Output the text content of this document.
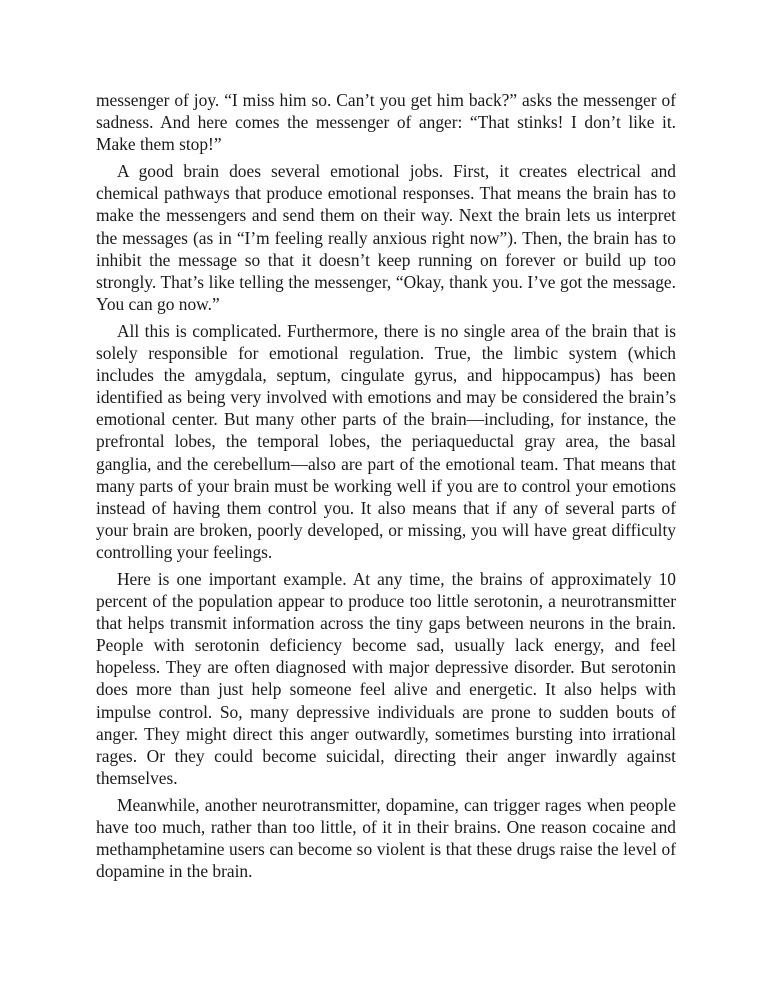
messenger of joy. “I miss him so. Can’t you get him back?” asks the messenger of sadness. And here comes the messenger of anger: “That stinks! I don’t like it. Make them stop!”

A good brain does several emotional jobs. First, it creates electrical and chemical pathways that produce emotional responses. That means the brain has to make the messengers and send them on their way. Next the brain lets us interpret the messages (as in “I’m feeling really anxious right now”). Then, the brain has to inhibit the message so that it doesn’t keep running on forever or build up too strongly. That’s like telling the messenger, “Okay, thank you. I’ve got the message. You can go now.”

All this is complicated. Furthermore, there is no single area of the brain that is solely responsible for emotional regulation. True, the limbic system (which includes the amygdala, septum, cingulate gyrus, and hippocampus) has been identified as being very involved with emotions and may be considered the brain’s emotional center. But many other parts of the brain—including, for instance, the prefrontal lobes, the temporal lobes, the periaqueductal gray area, the basal ganglia, and the cerebellum—also are part of the emotional team. That means that many parts of your brain must be working well if you are to control your emotions instead of having them control you. It also means that if any of several parts of your brain are broken, poorly developed, or missing, you will have great difficulty controlling your feelings.

Here is one important example. At any time, the brains of approximately 10 percent of the population appear to produce too little serotonin, a neurotransmitter that helps transmit information across the tiny gaps between neurons in the brain. People with serotonin deficiency become sad, usually lack energy, and feel hopeless. They are often diagnosed with major depressive disorder. But serotonin does more than just help someone feel alive and energetic. It also helps with impulse control. So, many depressive individuals are prone to sudden bouts of anger. They might direct this anger outwardly, sometimes bursting into irrational rages. Or they could become suicidal, directing their anger inwardly against themselves.

Meanwhile, another neurotransmitter, dopamine, can trigger rages when people have too much, rather than too little, of it in their brains. One reason cocaine and methamphetamine users can become so violent is that these drugs raise the level of dopamine in the brain.
